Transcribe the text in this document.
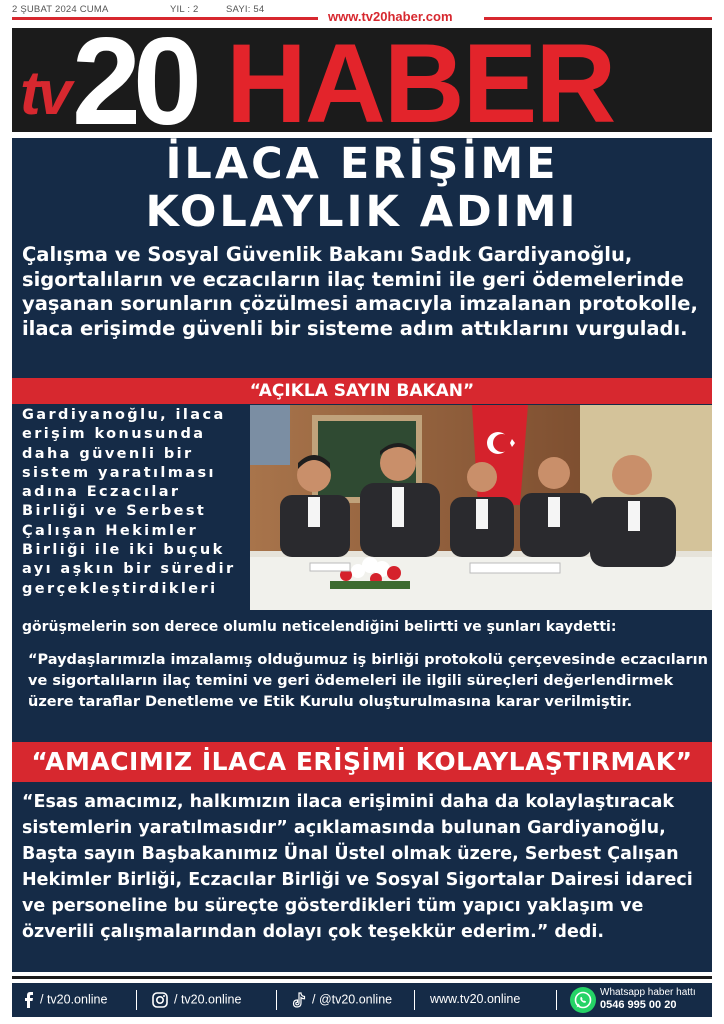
2 ŞUBAT 2024 CUMA	YIL : 2	SAYI: 54	www.tv20haber.com
tv 20 HABER
İLACA ERİŞİME
KOLAYLIK ADIMI

Çalışma ve Sosyal Güvenlik Bakanı Sadık Gardiyanoğlu, sigortalıların ve eczacıların ilaç temini ile geri ödemelerinde yaşanan sorunların çözülmesi amacıyla imzalanan protokolle, ilaca erişimde güvenli bir sisteme adım attıklarını vurguladı.

“AÇIKLA SAYIN BAKAN”
Gardiyanoğlu, ilaca
erişim konusunda
daha güvenli bir
sistem yaratılması
adına Eczacılar
Birliği ve Serbest
Çalışan Hekimler
Birliği ile iki buçuk
ayı aşkın bir süredir
gerçekleştirdikleri

görüşmelerin son derece olumlu neticelendiğini belirtti ve şunları kaydetti:

“Paydaşlarımızla imzalamış olduğumuz iş birliği protokolü çerçevesinde eczacıların ve sigortalıların ilaç temini ve geri ödemeleri ile ilgili süreçleri değerlendirmek üzere taraflar Denetleme ve Etik Kurulu oluşturulmasına karar verilmiştir.

“AMACIMIZ İLACA ERİŞİMİ KOLAYLAŞTIRMAK”

“Esas amacımız, halkımızın ilaca erişimini daha da kolaylaştıracak sistemlerin yaratılmasıdır” açıklamasında bulunan Gardiyanoğlu, Başta sayın Başbakanımız Ünal Üstel olmak üzere, Serbest Çalışan Hekimler Birliği, Eczacılar Birliği ve Sosyal Sigortalar Dairesi idareci ve personeline bu süreçte gösterdikleri tüm yapıcı yaklaşım ve özverili çalışmalarından dolayı çok teşekkür ederim.” dedi.

/ tv20.online	/ tv20.online	/ @tv20.online	www.tv20.online	Whatsapp haber hattı
0546 995 00 20
